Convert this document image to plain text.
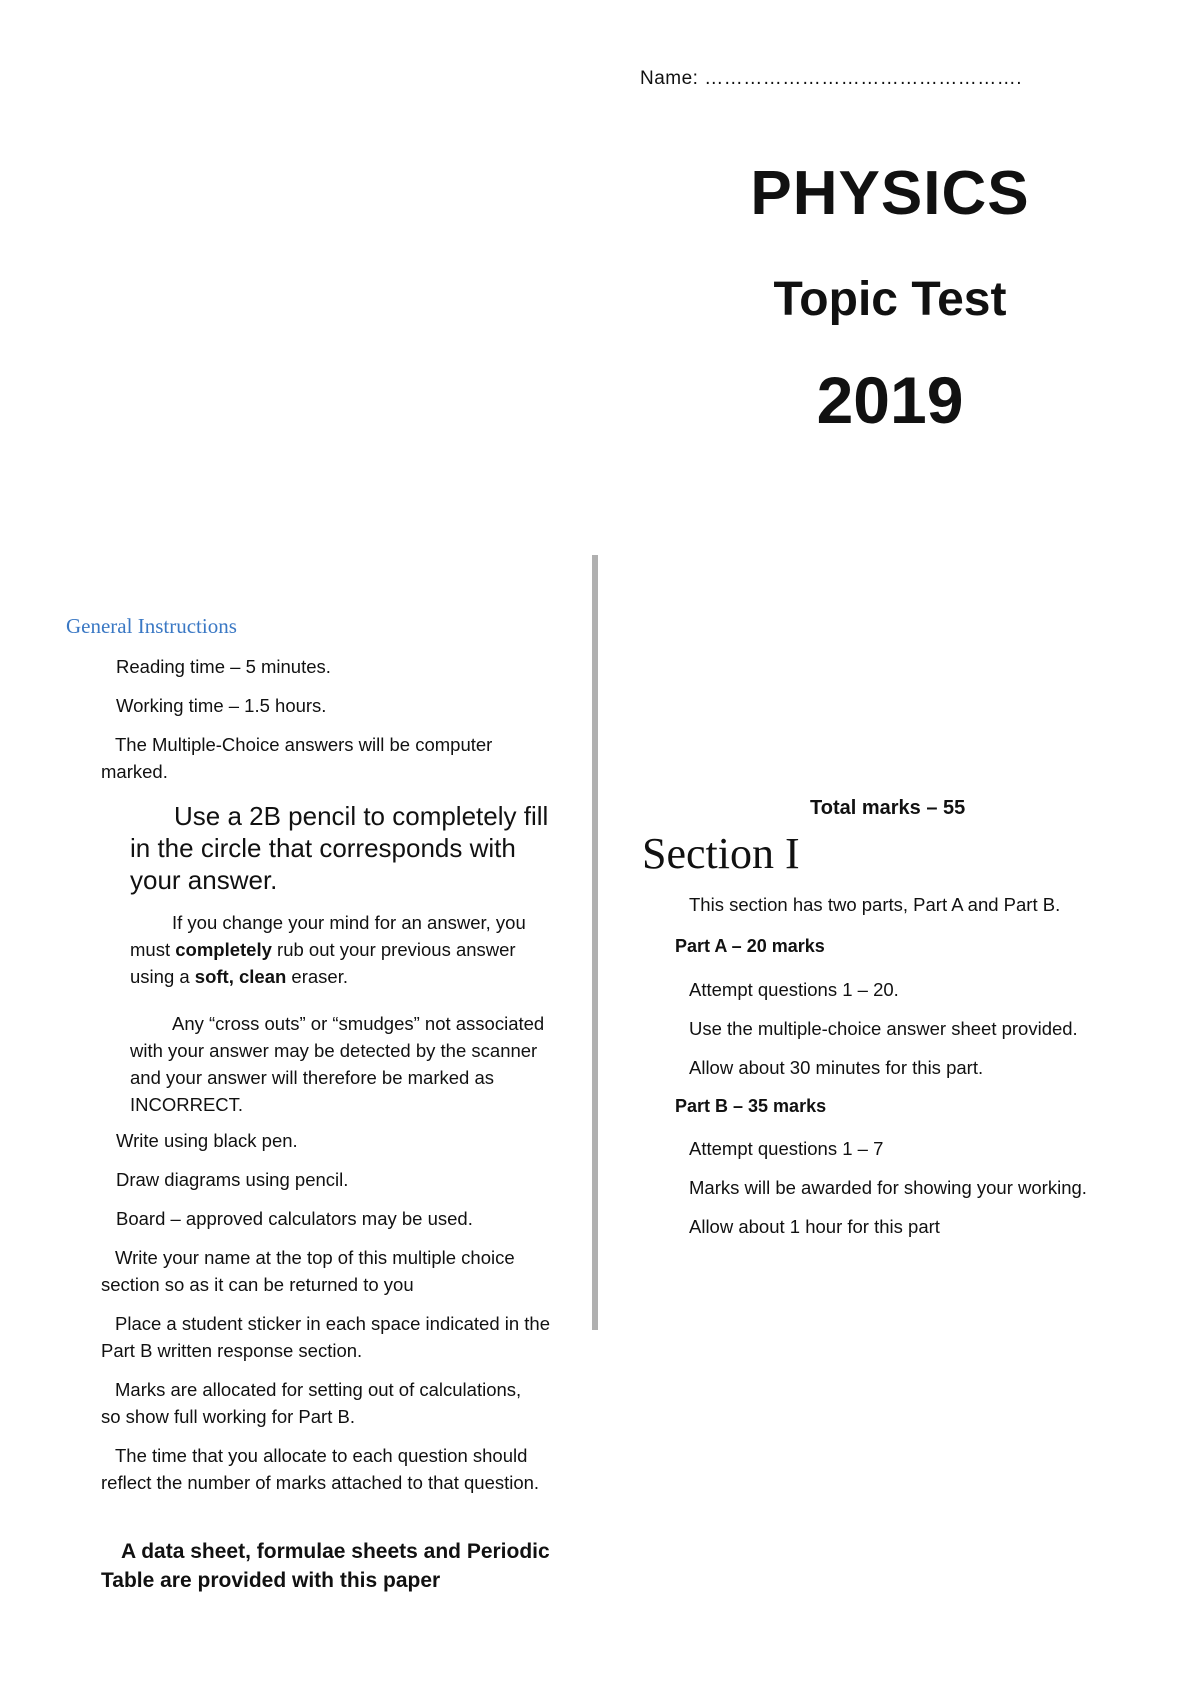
Name: ………………………………………….
PHYSICS
Topic Test
2019
General Instructions
Reading time – 5 minutes.
Working time – 1.5 hours.
The Multiple-Choice answers will be computer marked.
Use a 2B pencil to completely fill in the circle that corresponds with your answer.
If you change your mind for an answer, you must completely rub out your previous answer using a soft, clean eraser.
Any “cross outs” or “smudges” not associated with your answer may be detected by the scanner and your answer will therefore be marked as INCORRECT.
Write using black pen.
Draw diagrams using pencil.
Board – approved calculators may be used.
Write your name at the top of this multiple choice section so as it can be returned to you
Place a student sticker in each space indicated in the Part B written response section.
Marks are allocated for setting out of calculations, so show full working for Part B.
The time that you allocate to each question should reflect the number of marks attached to that question.
A data sheet, formulae sheets and Periodic Table are provided with this paper
Total marks – 55
Section I
This section has two parts, Part A and Part B.
Part A – 20 marks
Attempt questions 1 – 20.
Use the multiple-choice answer sheet provided.
Allow about 30 minutes for this part.
Part B – 35 marks
Attempt questions 1 – 7
Marks will be awarded for showing your working.
Allow about 1 hour for this part
